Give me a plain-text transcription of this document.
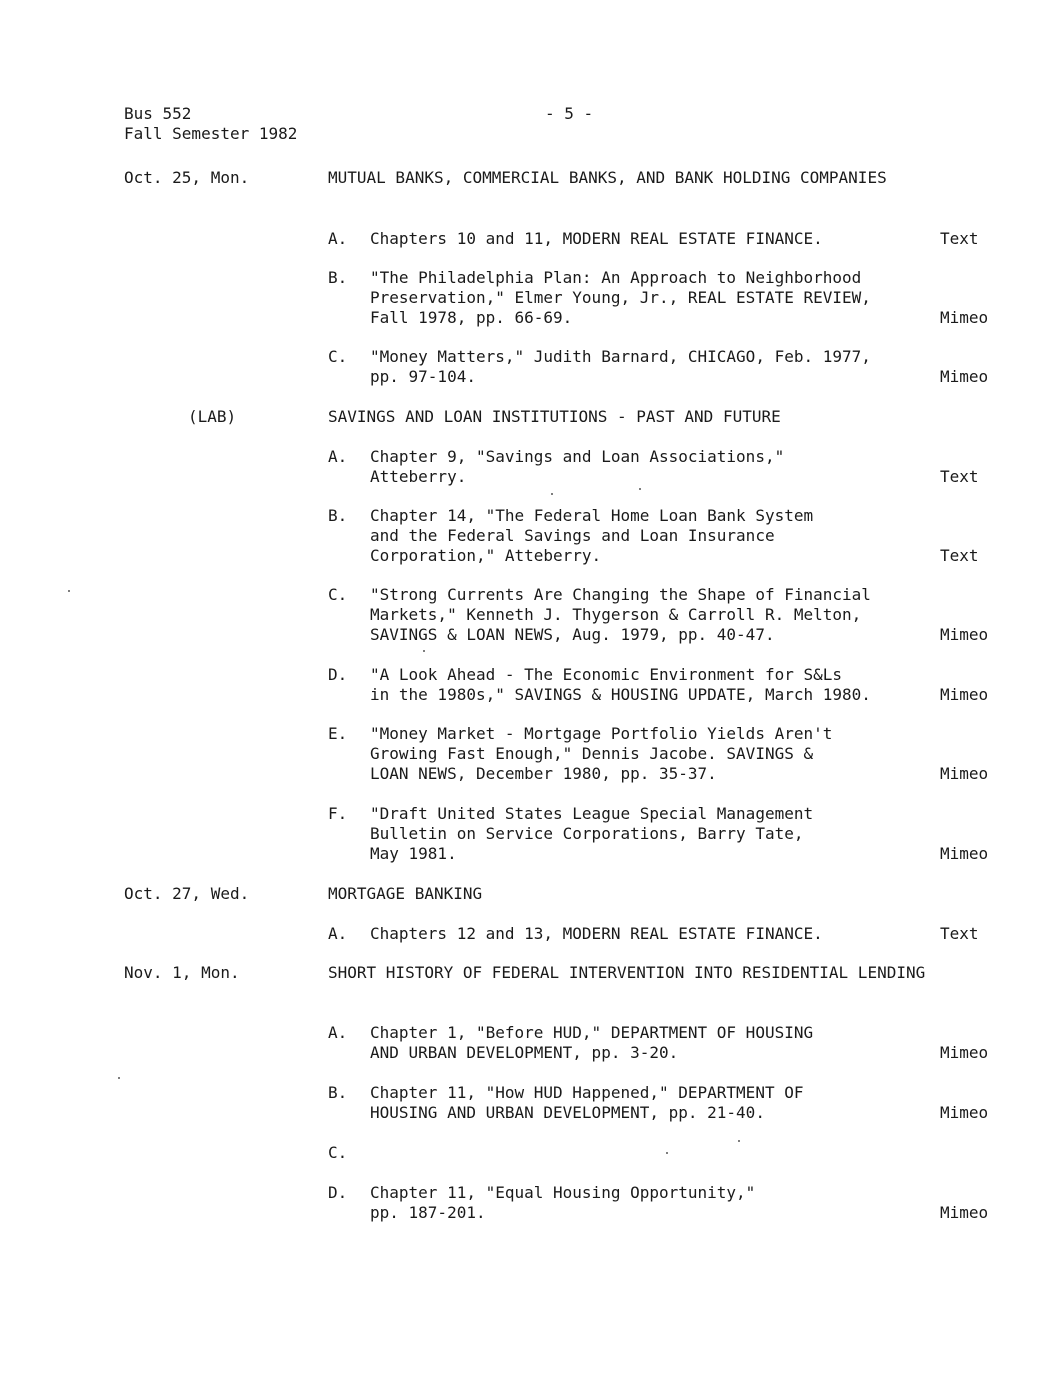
Bus 552
Fall Semester 1982
- 5 -
Oct. 25, Mon.	MUTUAL BANKS, COMMERCIAL BANKS, AND BANK HOLDING COMPANIES
A. Chapters 10 and 11, MODERN REAL ESTATE FINANCE.	Text
B. "The Philadelphia Plan: An Approach to Neighborhood
Preservation," Elmer Young, Jr., REAL ESTATE REVIEW,
Fall 1978, pp. 66-69.	Mimeo
C. "Money Matters," Judith Barnard, CHICAGO, Feb. 1977,
pp. 97-104.	Mimeo
(LAB)	SAVINGS AND LOAN INSTITUTIONS - PAST AND FUTURE
A. Chapter 9, "Savings and Loan Associations,"
Atteberry.	Text
B. Chapter 14, "The Federal Home Loan Bank System
and the Federal Savings and Loan Insurance
Corporation," Atteberry.	Text
C. "Strong Currents Are Changing the Shape of Financial
Markets," Kenneth J. Thygerson & Carroll R. Melton,
SAVINGS & LOAN NEWS, Aug. 1979, pp. 40-47.	Mimeo
D. "A Look Ahead - The Economic Environment for S&Ls
in the 1980s," SAVINGS & HOUSING UPDATE, March 1980.	Mimeo
E. "Money Market - Mortgage Portfolio Yields Aren't
Growing Fast Enough," Dennis Jacobe. SAVINGS &
LOAN NEWS, December 1980, pp. 35-37.	Mimeo
F. "Draft United States League Special Management
Bulletin on Service Corporations, Barry Tate,
May 1981.	Mimeo
Oct. 27, Wed.	MORTGAGE BANKING
A. Chapters 12 and 13, MODERN REAL ESTATE FINANCE.	Text
Nov. 1, Mon.	SHORT HISTORY OF FEDERAL INTERVENTION INTO RESIDENTIAL LENDING
A. Chapter 1, "Before HUD," DEPARTMENT OF HOUSING
AND URBAN DEVELOPMENT, pp. 3-20.	Mimeo
B. Chapter 11, "How HUD Happened," DEPARTMENT OF
HOUSING AND URBAN DEVELOPMENT, pp. 21-40.	Mimeo
C.
D. Chapter 11, "Equal Housing Opportunity,"
pp. 187-201.	Mimeo
